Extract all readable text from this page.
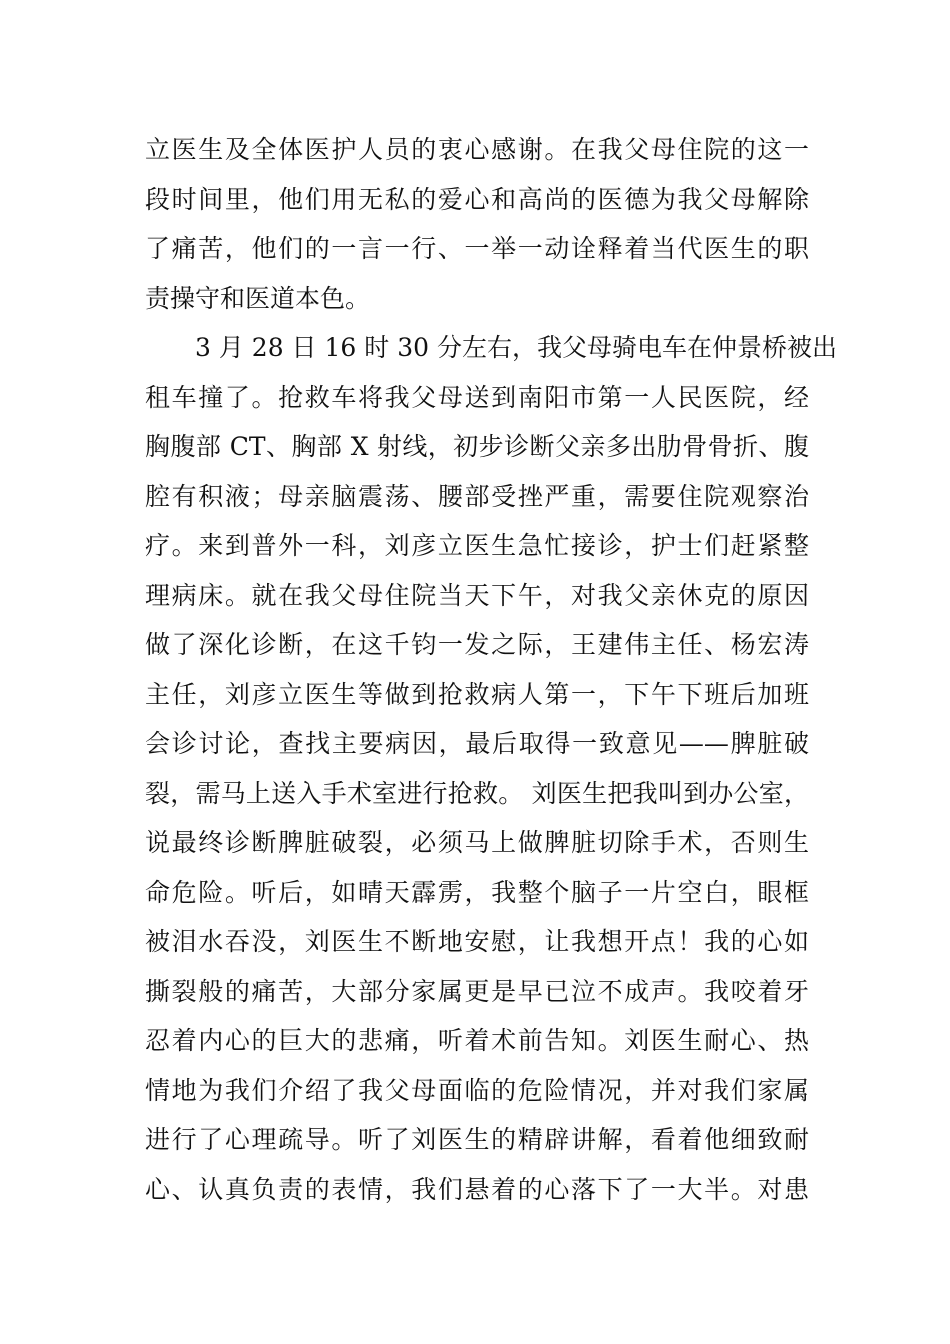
立医生及全体医护人员的衷心感谢。在我父母住院的这一
段时间里，他们用无私的爱心和高尚的医德为我父母解除
了痛苦，他们的一言一行、一举一动诠释着当代医生的职
责操守和医道本色。
　　3 月 28 日 16 时 30 分左右，我父母骑电车在仲景桥被出
租车撞了。抢救车将我父母送到南阳市第一人民医院，经
胸腹部 CT、胸部 X 射线，初步诊断父亲多出肋骨骨折、腹
腔有积液；母亲脑震荡、腰部受挫严重，需要住院观察治
疗。来到普外一科，刘彦立医生急忙接诊，护士们赶紧整
理病床。就在我父母住院当天下午，对我父亲休克的原因
做了深化诊断，在这千钧一发之际，王建伟主任、杨宏涛
主任，刘彦立医生等做到抢救病人第一，下午下班后加班
会诊讨论，查找主要病因，最后取得一致意见——脾脏破
裂，需马上送入手术室进行抢救。 刘医生把我叫到办公室，
说最终诊断脾脏破裂，必须马上做脾脏切除手术，否则生
命危险。听后，如晴天霹雳，我整个脑子一片空白，眼框
被泪水吞没，刘医生不断地安慰，让我想开点！我的心如
撕裂般的痛苦，大部分家属更是早已泣不成声。我咬着牙
忍着内心的巨大的悲痛，听着术前告知。刘医生耐心、热
情地为我们介绍了我父母面临的危险情况，并对我们家属
进行了心理疏导。听了刘医生的精辟讲解，看着他细致耐
心、认真负责的表情，我们悬着的心落下了一大半。对患
